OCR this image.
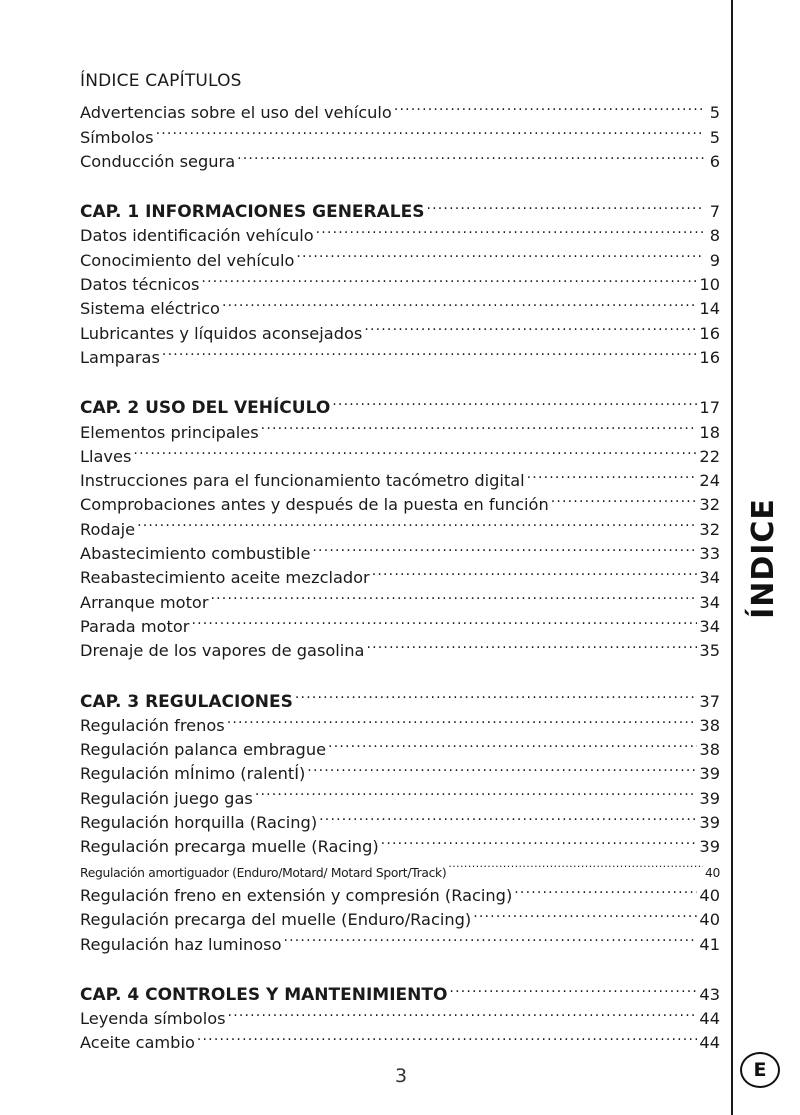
ÍNDICE CAPÍTULOS
Advertencias sobre el uso del vehículo .....	5
Símbolos .....	5
Conducción segura .....	6
CAP. 1 INFORMACIONES GENERALES .....	7
Datos identificación vehículo .....	8
Conocimiento del vehículo .....	9
Datos técnicos .....	10
Sistema eléctrico .....	14
Lubricantes y líquidos aconsejados .....	16
Lamparas .....	16
CAP. 2 USO DEL VEHÍCULO .....	17
Elementos principales .....	18
Llaves .....	22
Instrucciones para el funcionamiento tacómetro digital .....	24
Comprobaciones antes y después de la puesta en función .....	32
Rodaje .....	32
Abastecimiento combustible .....	33
Reabastecimiento aceite mezclador .....	34
Arranque motor .....	34
Parada motor .....	34
Drenaje de los vapores de gasolina .....	35
CAP. 3 REGULACIONES .....	37
Regulación frenos .....	38
Regulación palanca embrague .....	38
Regulación mÍnimo (ralentÍ) .....	39
Regulación juego gas .....	39
Regulación horquilla (Racing) .....	39
Regulación precarga muelle (Racing) .....	39
Regulación amortiguador (Enduro/Motard/ Motard Sport/Track) .....	40
Regulación freno en extensión y compresión (Racing) .....	40
Regulación precarga del muelle (Enduro/Racing) .....	40
Regulación haz luminoso .....	41
CAP. 4 CONTROLES Y MANTENIMIENTO .....	43
Leyenda símbolos .....	44
Aceite cambio .....	44
ÍNDICE
3	E
